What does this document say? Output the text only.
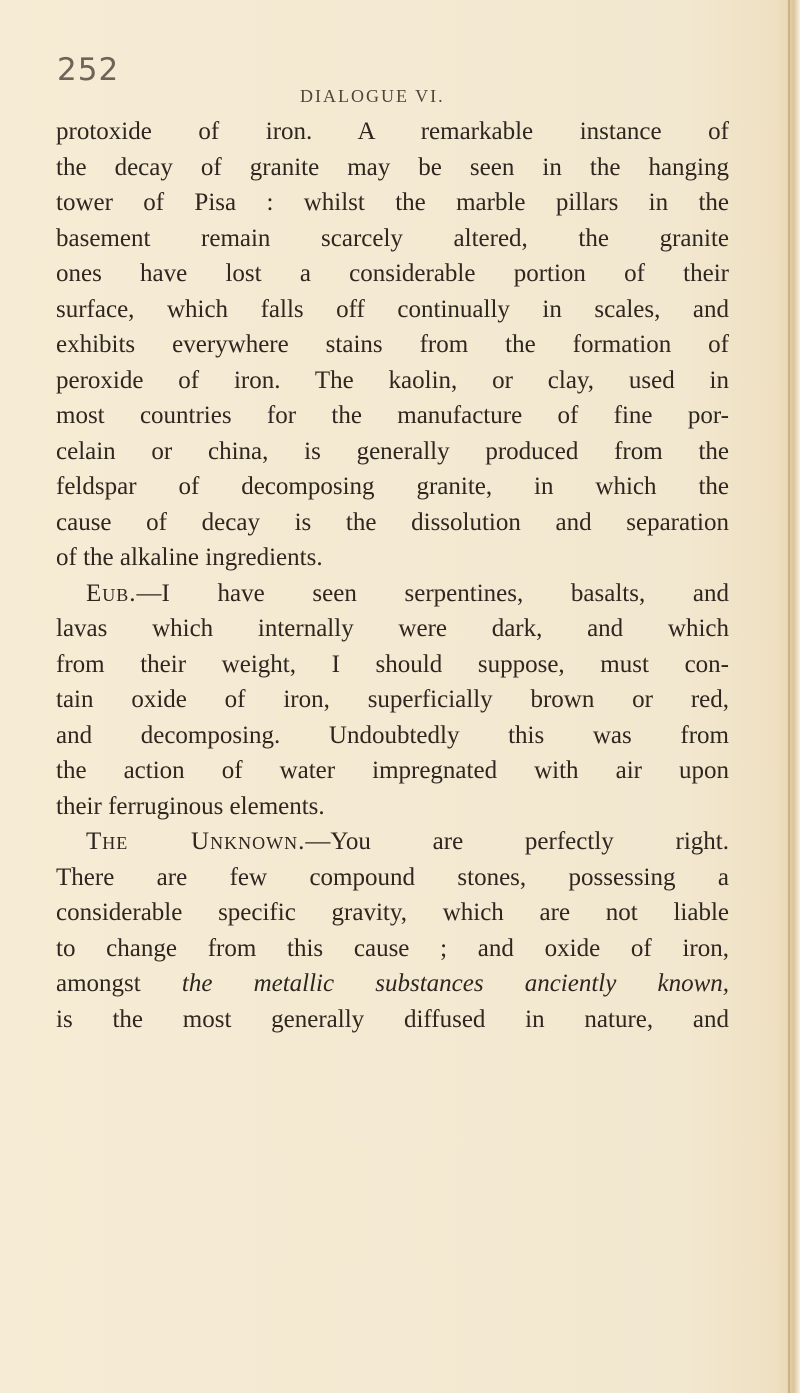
252
DIALOGUE VI.
protoxide of iron. A remarkable instance of
the decay of granite may be seen in the hanging
tower of Pisa : whilst the marble pillars in the
basement remain scarcely altered, the granite
ones have lost a considerable portion of their
surface, which falls off continually in scales, and
exhibits everywhere stains from the formation of
peroxide of iron. The kaolin, or clay, used in
most countries for the manufacture of fine por-
celain or china, is generally produced from the
feldspar of decomposing granite, in which the
cause of decay is the dissolution and separation
of the alkaline ingredients.
Eub.—I have seen serpentines, basalts, and
lavas which internally were dark, and which
from their weight, I should suppose, must con-
tain oxide of iron, superficially brown or red,
and decomposing. Undoubtedly this was from
the action of water impregnated with air upon
their ferruginous elements.
The Unknown.—You are perfectly right.
There are few compound stones, possessing a
considerable specific gravity, which are not liable
to change from this cause ; and oxide of iron,
amongst the metallic substances anciently known,
is the most generally diffused in nature, and
